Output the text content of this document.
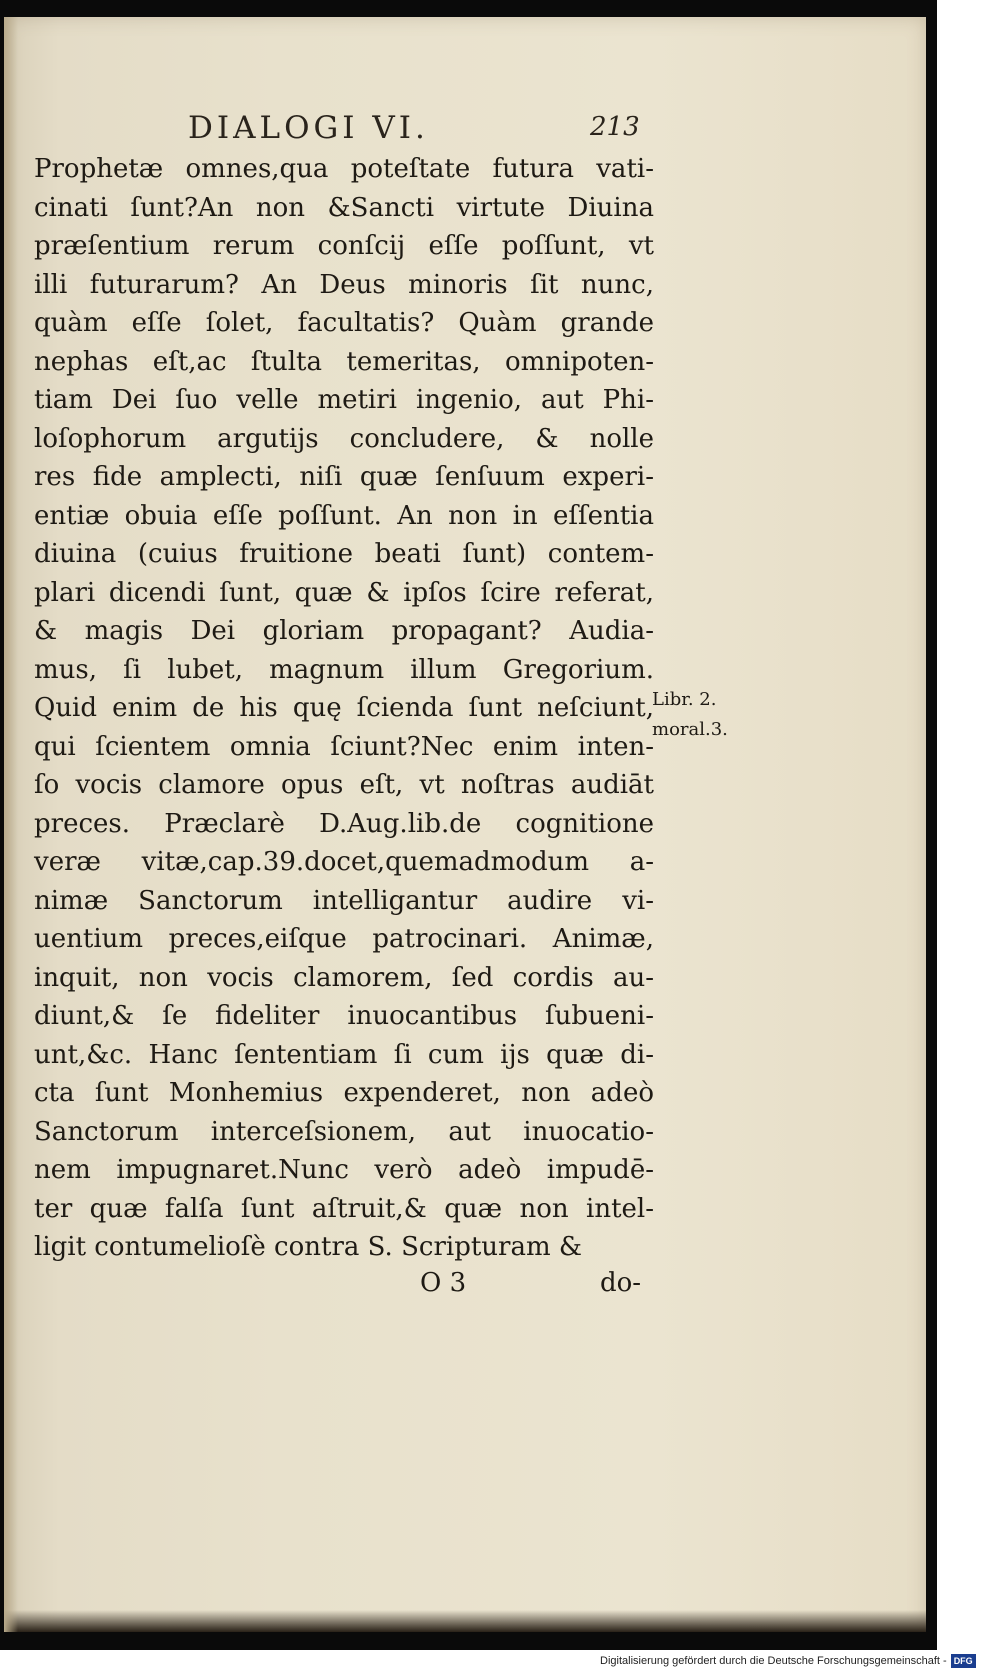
DIALOGI VI.	213
Prophetæ omnes,qua poteſtate futura vati-
cinati ſunt?An non &Sancti virtute Diuina
præſentium rerum conſcij eſſe poſſunt, vt
illi futurarum? An Deus minoris ſit nunc,
quàm eſſe ſolet, facultatis? Quàm grande
nephas eſt,ac ſtulta temeritas, omnipoten-
tiam Dei ſuo velle metiri ingenio, aut Phi-
loſophorum argutijs concludere, & nolle
res fide amplecti, niſi quæ ſenſuum experi-
entiæ obuia eſſe poſſunt. An non in eſſentia
diuina (cuius fruitione beati ſunt) contem-
plari dicendi ſunt, quæ & ipſos ſcire referat,
& magis Dei gloriam propagant? Audia-
mus, ſi lubet, magnum illum Gregorium.
Quid enim de his quę ſcienda ſunt neſciunt,
qui ſcientem omnia ſciunt?Nec enim inten-
ſo vocis clamore opus eſt, vt noſtras audiāt
preces. Præclarè D.Aug.lib.de cognitione
veræ vitæ,cap.39.docet,quemadmodum a-
nimæ Sanctorum intelligantur audire vi-
uentium preces,eiſque patrocinari. Animæ,
inquit, non vocis clamorem, ſed cordis au-
diunt,& ſe fideliter inuocantibus ſubueni-
unt,&c. Hanc ſententiam ſi cum ijs quæ di-
cta ſunt Monhemius expenderet, non adeò
Sanctorum interceſsionem, aut inuocatio-
nem impugnaret.Nunc verò adeò impudē-
ter quæ falſa ſunt aſtruit,& quæ non intel-
ligit contumelioſè contra S. Scripturam &
Libr. 2.
moral.3.
O 3	do-
Digitalisierung gefördert durch die Deutsche Forschungsgemeinschaft - DFG
